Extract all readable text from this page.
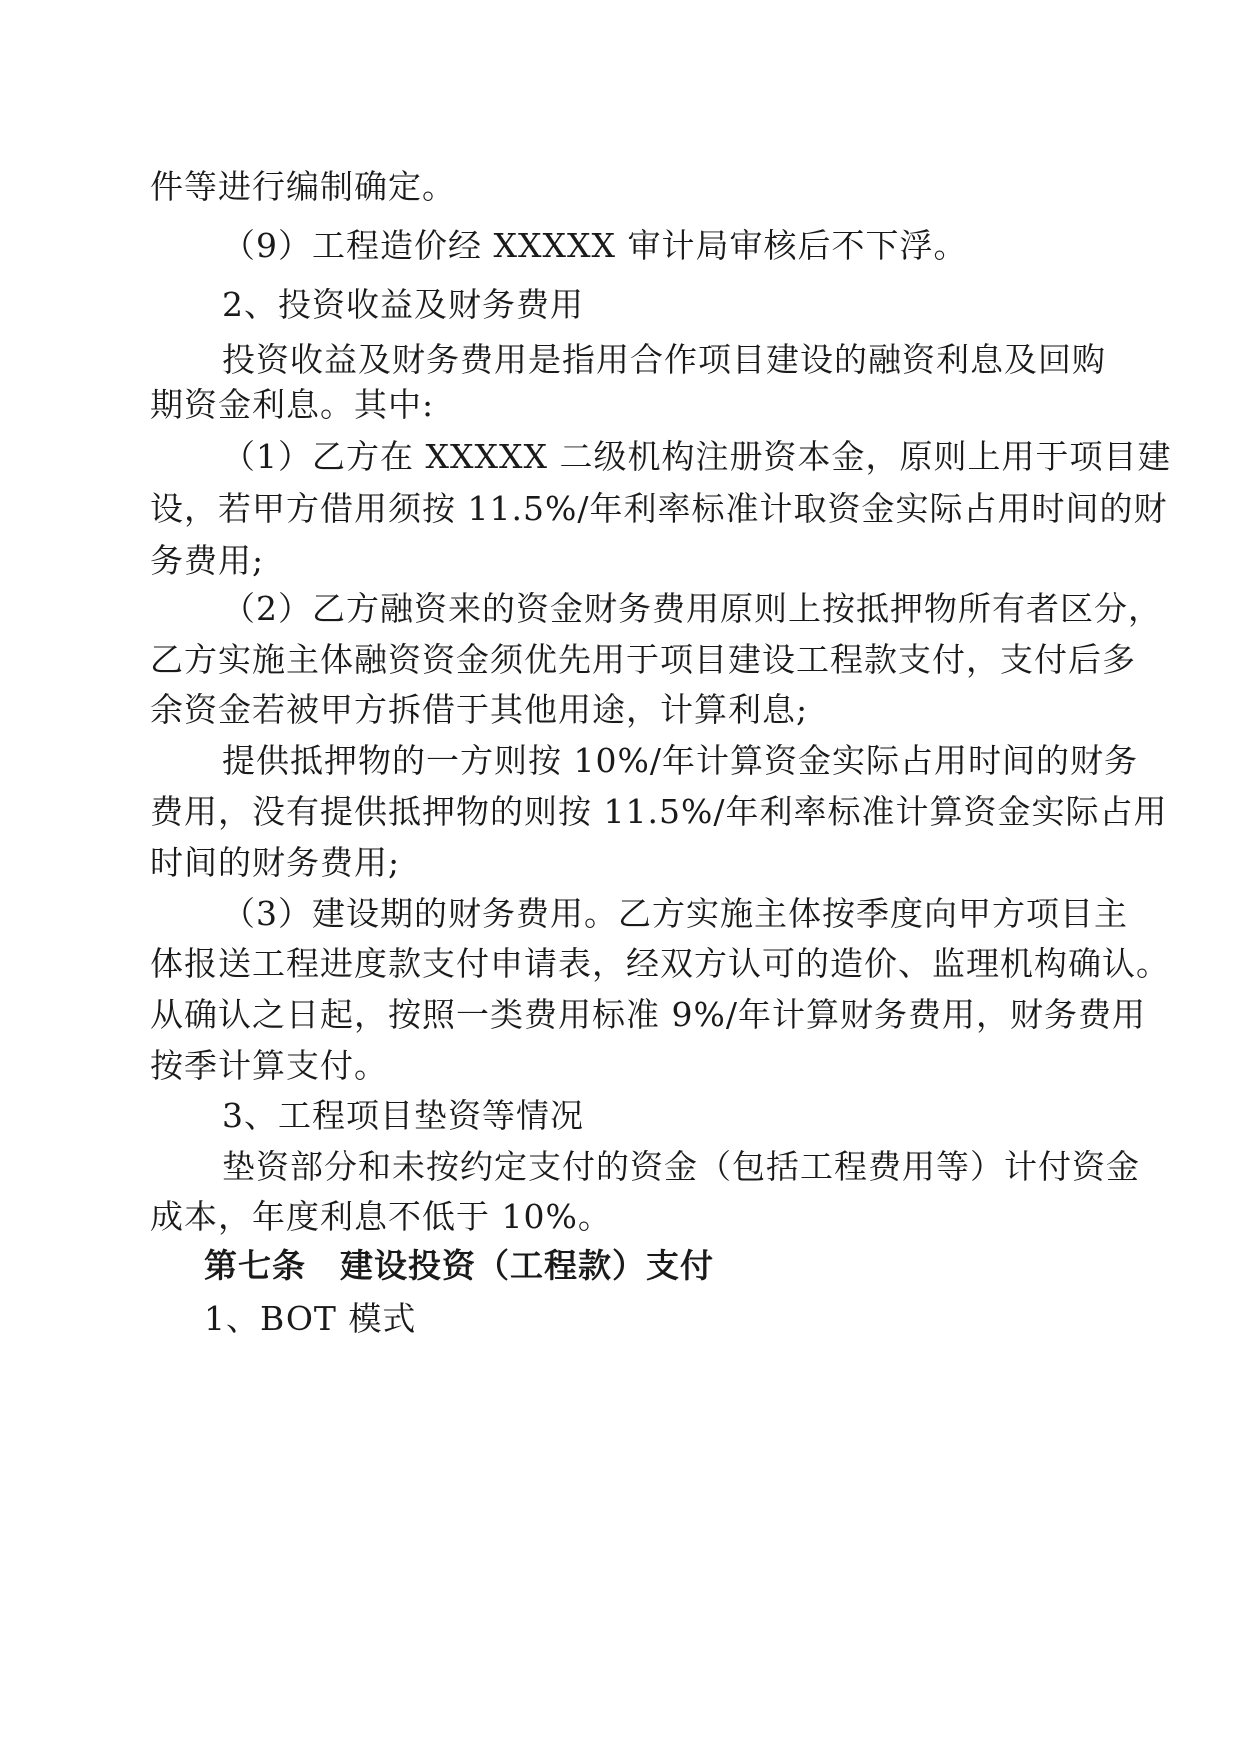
件等进行编制确定。
（9）工程造价经 XXXXX 审计局审核后不下浮。
2、投资收益及财务费用
投资收益及财务费用是指用合作项目建设的融资利息及回购
期资金利息。其中:
（1）乙方在 XXXXX 二级机构注册资本金，原则上用于项目建
设，若甲方借用须按 11.5%/年利率标准计取资金实际占用时间的财
务费用;
（2）乙方融资来的资金财务费用原则上按抵押物所有者区分，
乙方实施主体融资资金须优先用于项目建设工程款支付，支付后多
余资金若被甲方拆借于其他用途，计算利息;
提供抵押物的一方则按 10%/年计算资金实际占用时间的财务
费用，没有提供抵押物的则按 11.5%/年利率标准计算资金实际占用
时间的财务费用;
（3）建设期的财务费用。乙方实施主体按季度向甲方项目主
体报送工程进度款支付申请表，经双方认可的造价、监理机构确认。
从确认之日起，按照一类费用标准 9%/年计算财务费用，财务费用
按季计算支付。
3、工程项目垫资等情况
垫资部分和未按约定支付的资金（包括工程费用等）计付资金
成本，年度利息不低于 10%。
第七条　建设投资（工程款）支付
1、BOT 模式
